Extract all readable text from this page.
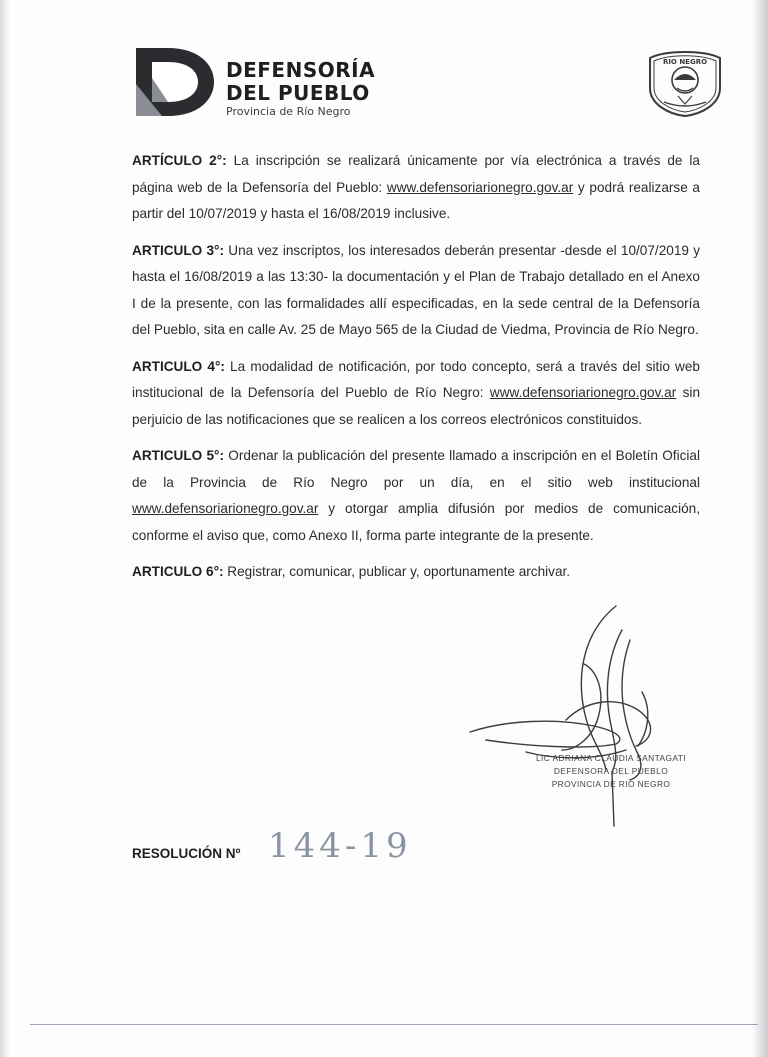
DEFENSORÍA
DEL PUEBLO
Provincia de Río Negro
RIO NEGRO

ARTÍCULO 2°: La inscripción se realizará únicamente por vía electrónica a través de la página web de la Defensoría del Pueblo: www.defensoriarionegro.gov.ar y podrá realizarse a partir del 10/07/2019 y hasta el 16/08/2019 inclusive.

ARTICULO 3°: Una vez inscriptos, los interesados deberán presentar -desde el 10/07/2019 y hasta el 16/08/2019 a las 13:30- la documentación y el Plan de Trabajo detallado en el Anexo I de la presente, con las formalidades allí especificadas, en la sede central de la Defensoría del Pueblo, sita en calle Av. 25 de Mayo 565 de la Ciudad de Viedma, Provincia de Río Negro.

ARTICULO 4°: La modalidad de notificación, por todo concepto, será a través del sitio web institucional de la Defensoría del Pueblo de Río Negro: www.defensoriarionegro.gov.ar sin perjuicio de las notificaciones que se realicen a los correos electrónicos constituidos.

ARTICULO 5°: Ordenar la publicación del presente llamado a inscripción en el Boletín Oficial de la Provincia de Río Negro por un día, en el sitio web institucional www.defensoriarionegro.gov.ar y otorgar amplia difusión por medios de comunicación, conforme el aviso que, como Anexo II, forma parte integrante de la presente.

ARTICULO 6°: Registrar, comunicar, publicar y, oportunamente archivar.

LIC ADRIANA CLAUDIA SANTAGATI
DEFENSORA DEL PUEBLO
PROVINCIA DE RIO NEGRO
RESOLUCIÓN Nº 144-19
